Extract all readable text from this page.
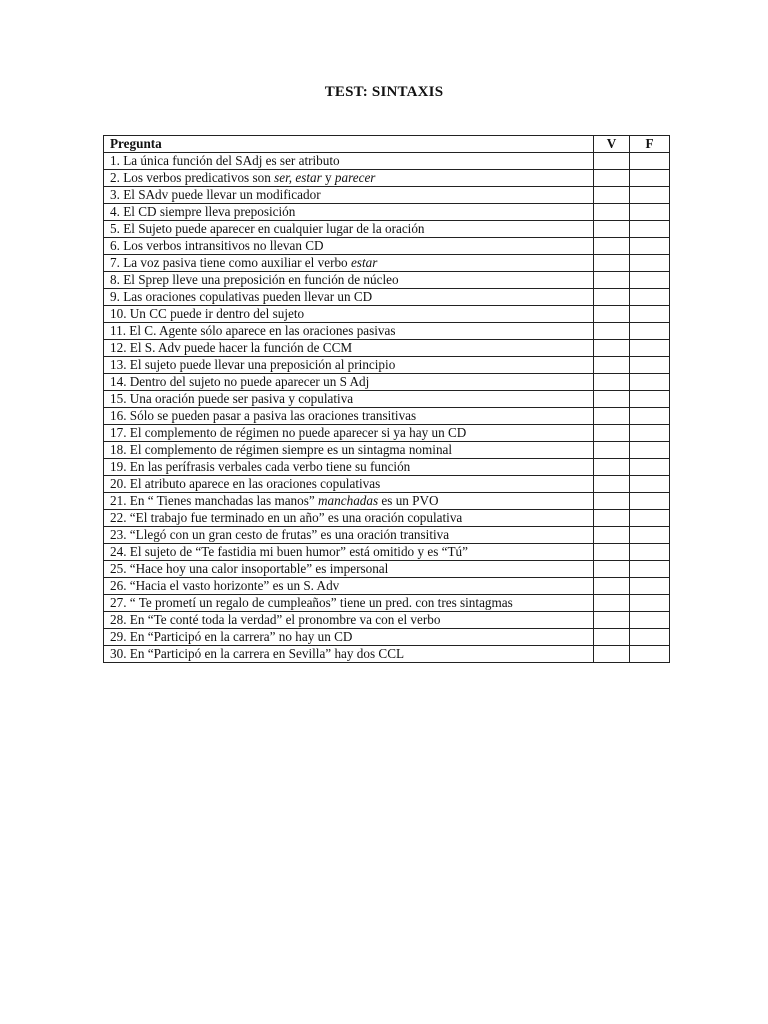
TEST: SINTAXIS
Pregunta	V	F
1. La única función del SAdj es ser atributo		
2. Los verbos predicativos son ser, estar y parecer		
3. El SAdv puede llevar un modificador		
4. El CD siempre lleva preposición		
5. El Sujeto puede aparecer en cualquier lugar de la oración		
6. Los verbos intransitivos no llevan CD		
7. La voz pasiva tiene como auxiliar el verbo estar		
8. El Sprep lleve una preposición en función de núcleo		
9. Las oraciones copulativas pueden llevar un CD		
10. Un CC puede ir dentro del sujeto		
11. El C. Agente sólo aparece en las oraciones pasivas		
12. El S. Adv puede hacer la función de CCM		
13. El sujeto puede llevar una preposición al principio		
14. Dentro del sujeto no puede aparecer un S Adj		
15. Una oración puede ser pasiva y copulativa		
16. Sólo se pueden pasar a pasiva las oraciones transitivas		
17. El complemento de régimen no puede aparecer si ya hay un CD		
18. El complemento de régimen siempre es un sintagma nominal		
19. En las perífrasis verbales cada verbo tiene su función		
20. El atributo aparece en las oraciones copulativas		
21. En “ Tienes manchadas las manos” manchadas es un PVO		
22. “El trabajo fue terminado en un año” es una oración copulativa		
23. “Llegó con un gran cesto de frutas” es una oración transitiva		
24. El sujeto de “Te fastidia mi buen humor” está omitido y es “Tú”		
25. “Hace hoy una calor insoportable” es impersonal		
26. “Hacia el vasto horizonte” es un S. Adv		
27. “ Te prometí un regalo de cumpleaños” tiene un pred. con tres sintagmas		
28. En “Te conté toda la verdad” el pronombre va con el verbo		
29. En “Participó en la carrera” no hay un CD		
30. En “Participó en la carrera en Sevilla” hay dos CCL		
